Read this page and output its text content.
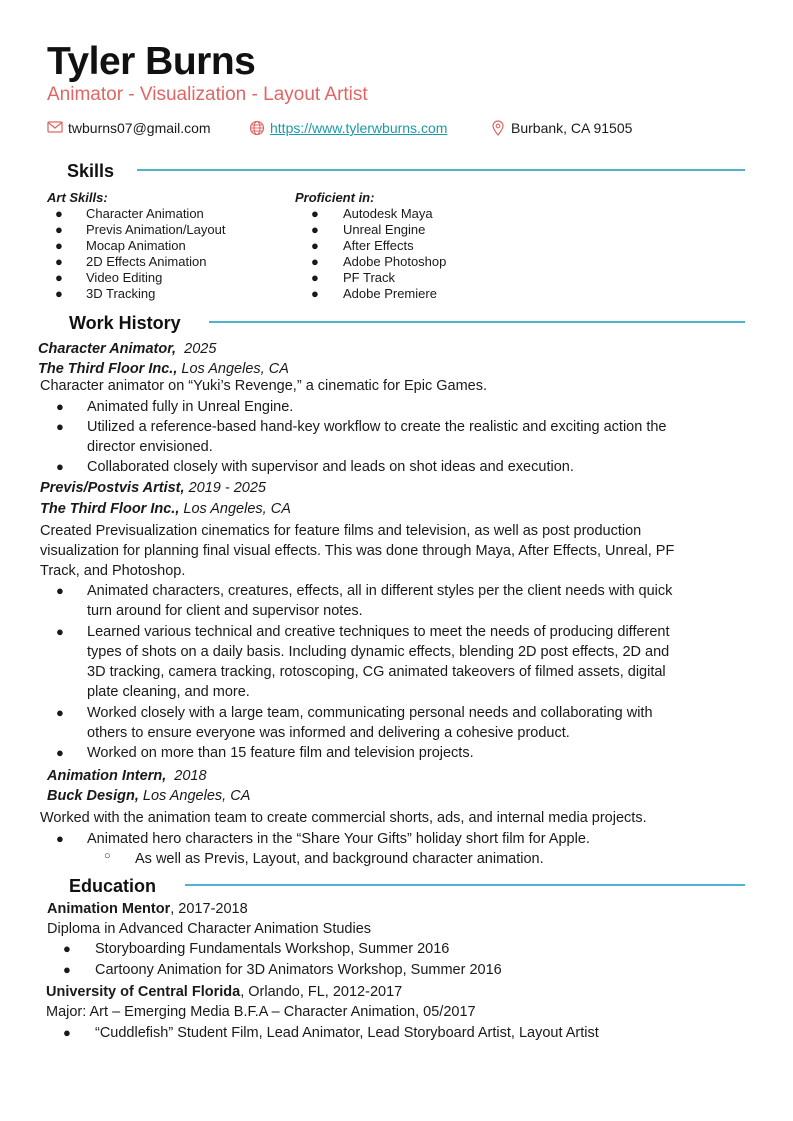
Tyler Burns
Animator - Visualization - Layout Artist
twburns07@gmail.com	https://www.tylerwburns.com	Burbank, CA 91505
Skills
Art Skills:
● Character Animation
● Previs Animation/Layout
● Mocap Animation
● 2D Effects Animation
● Video Editing
● 3D Tracking
Proficient in:
● Autodesk Maya
● Unreal Engine
● After Effects
● Adobe Photoshop
● PF Track
● Adobe Premiere
Work History
Character Animator, 2025
The Third Floor Inc., Los Angeles, CA
Character animator on “Yuki’s Revenge,” a cinematic for Epic Games.
● Animated fully in Unreal Engine.
● Utilized a reference-based hand-key workflow to create the realistic and exciting action the
director envisioned.
● Collaborated closely with supervisor and leads on shot ideas and execution.
Previs/Postvis Artist, 2019 - 2025
The Third Floor Inc., Los Angeles, CA
Created Previsualization cinematics for feature films and television, as well as post production
visualization for planning final visual effects. This was done through Maya, After Effects, Unreal, PF
Track, and Photoshop.
● Animated characters, creatures, effects, all in different styles per the client needs with quick
turn around for client and supervisor notes.
● Learned various technical and creative techniques to meet the needs of producing different
types of shots on a daily basis. Including dynamic effects, blending 2D post effects, 2D and
3D tracking, camera tracking, rotoscoping, CG animated takeovers of filmed assets, digital
plate cleaning, and more.
● Worked closely with a large team, communicating personal needs and collaborating with
others to ensure everyone was informed and delivering a cohesive product.
● Worked on more than 15 feature film and television projects.
Animation Intern, 2018
Buck Design, Los Angeles, CA
Worked with the animation team to create commercial shorts, ads, and internal media projects.
● Animated hero characters in the “Share Your Gifts” holiday short film for Apple.
○ As well as Previs, Layout, and background character animation.
Education
Animation Mentor, 2017-2018
Diploma in Advanced Character Animation Studies
● Storyboarding Fundamentals Workshop, Summer 2016
● Cartoony Animation for 3D Animators Workshop, Summer 2016
University of Central Florida, Orlando, FL, 2012-2017
Major: Art – Emerging Media B.F.A – Character Animation, 05/2017
● “Cuddlefish” Student Film, Lead Animator, Lead Storyboard Artist, Layout Artist
